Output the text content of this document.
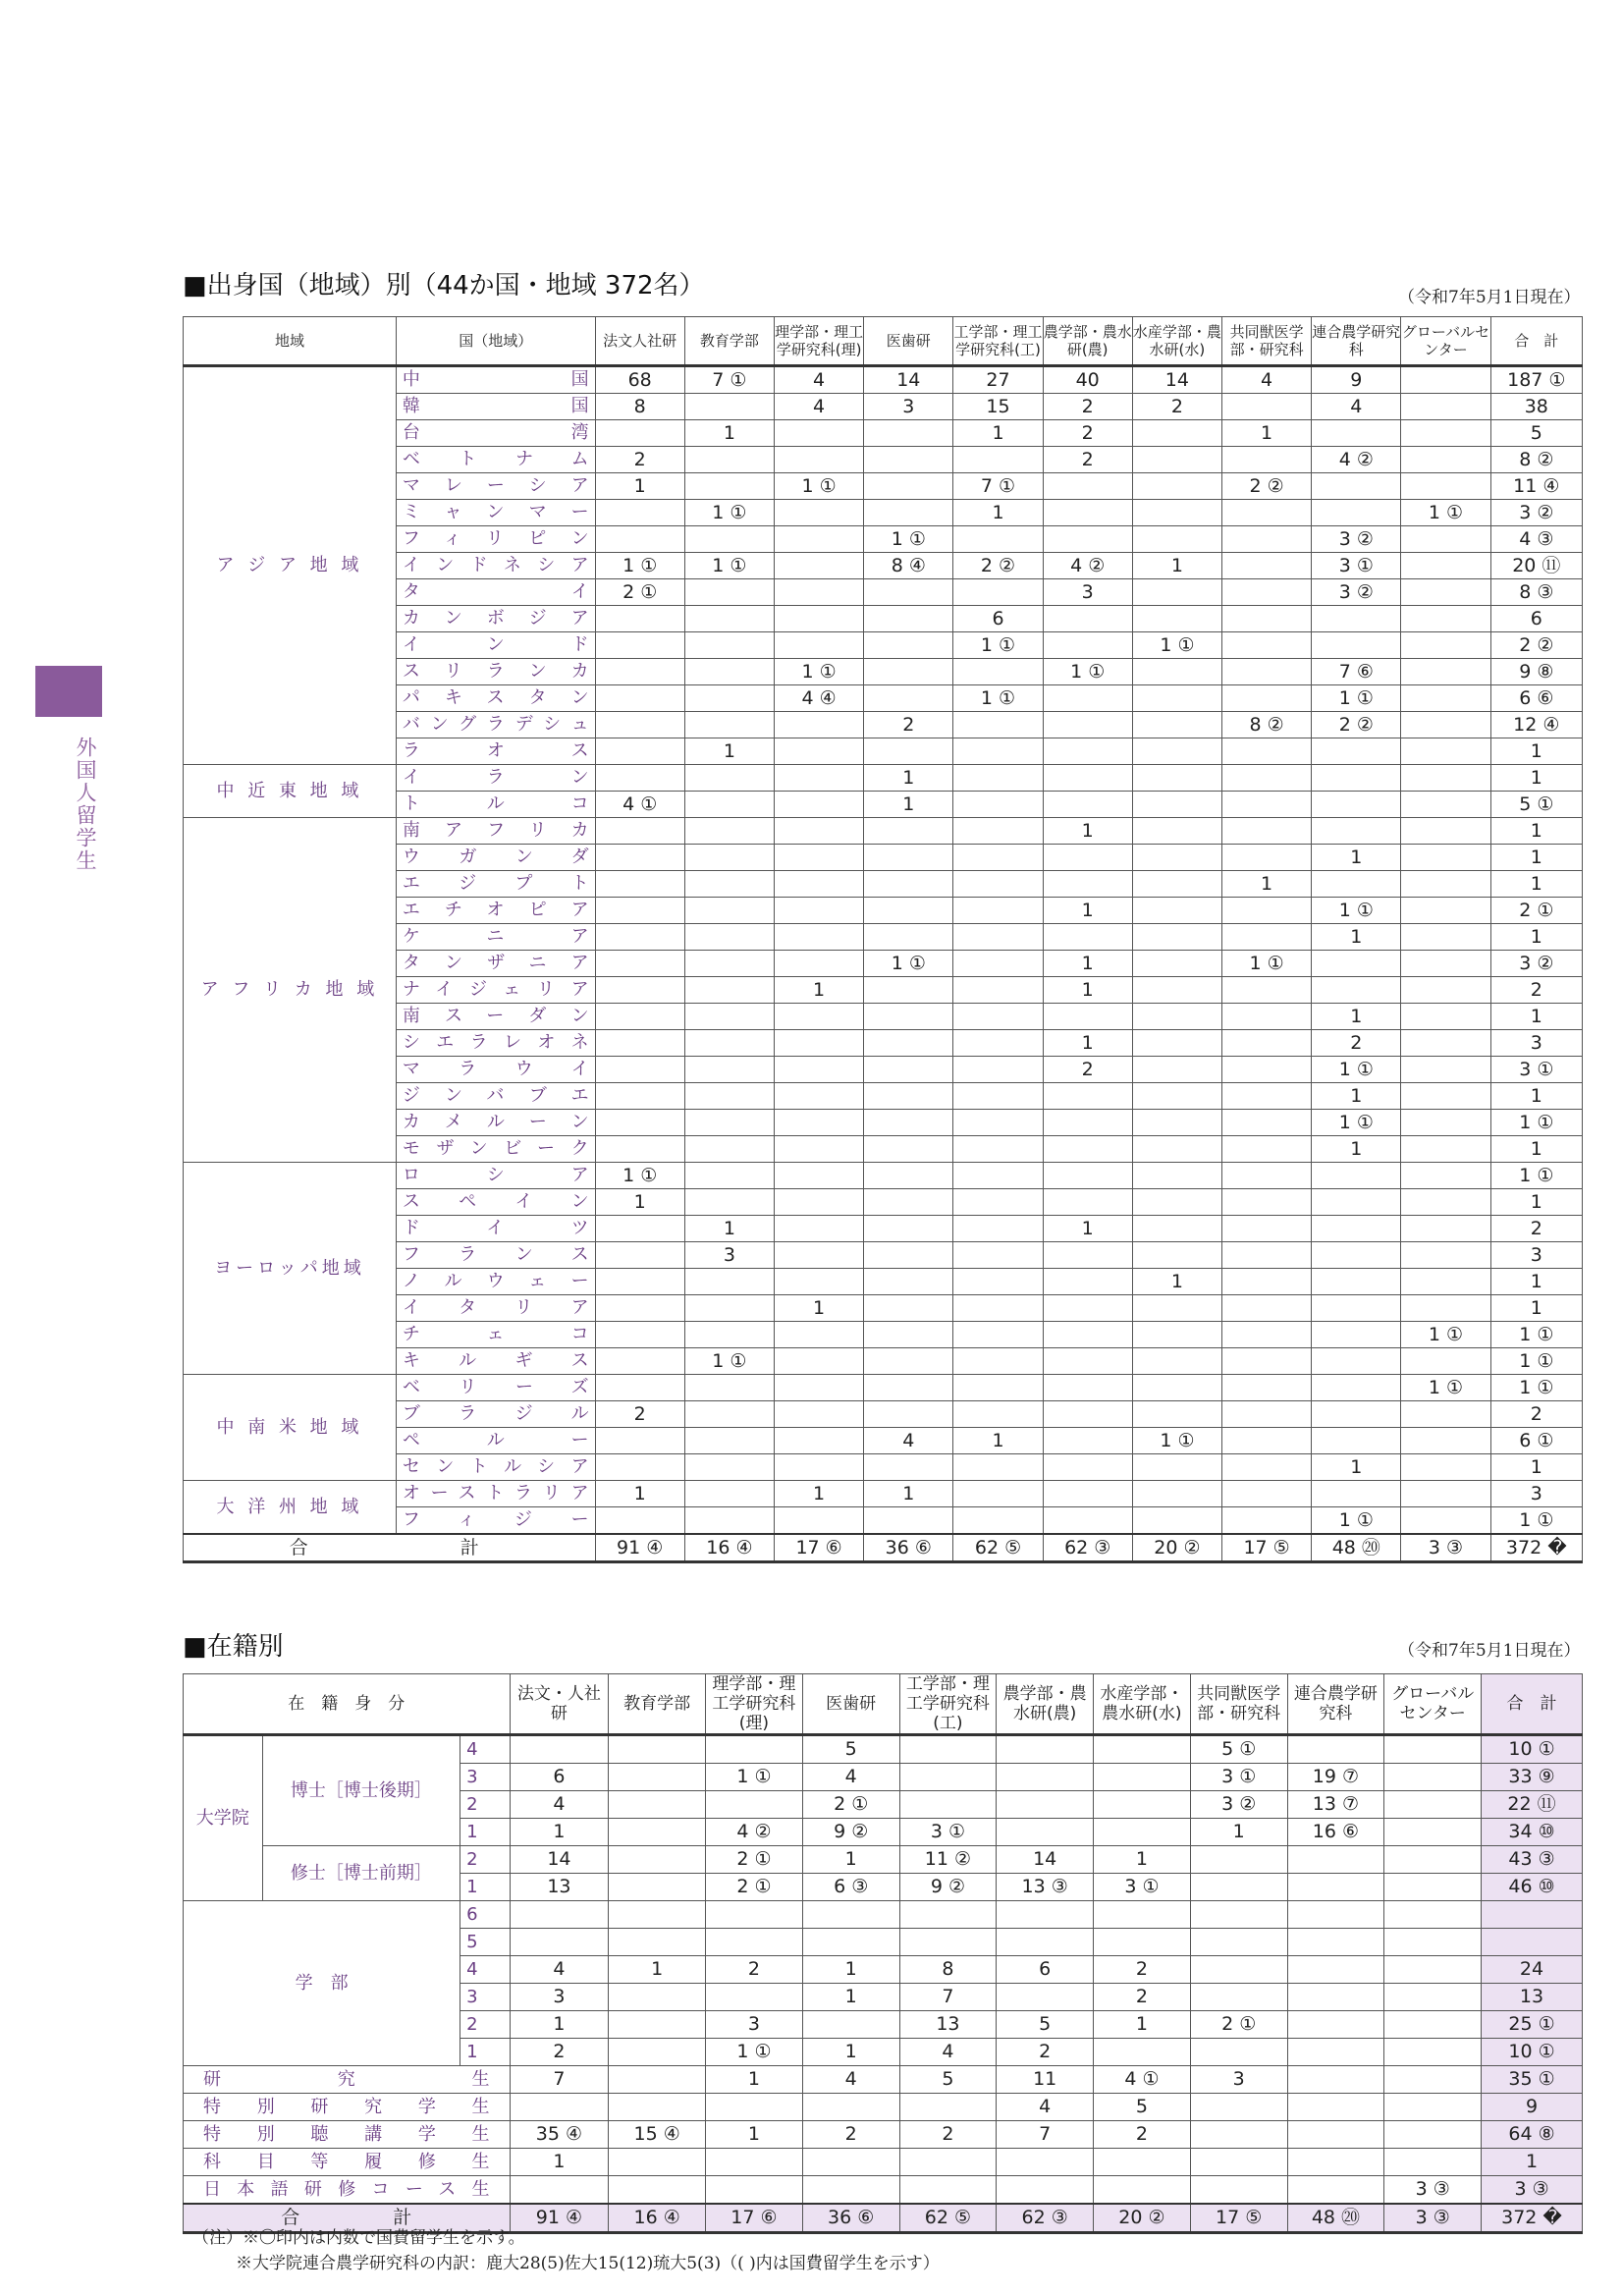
外国人留学生
■出身国（地域）別（44か国・地域 372名）	（令和7年5月1日現在）
地域	国（地域）	法文人社研	教育学部	理学部・理工学研究科(理)	医歯研	工学部・理工学研究科(工)	農学部・農水研(農)	水産学部・農水研(水)	共同獣医学部・研究科	連合農学研究科	グローバルセンター	合　計
ア ジ ア 地 域	中国	68	7 ①	4	14	27	40	14	4	9		187 ①
	韓国	8		4	3	15	2	2		4		38
	台湾		1			1	2		1			5
	ベトナム	2					2			4 ②		8 ②
	マレーシア	1		1 ①		7 ①			2 ②			11 ④
	ミャンマー		1 ①			1					1 ①	3 ②
	フィリピン				1 ①					3 ②		4 ③
	インドネシア	1 ①	1 ①		8 ④	2 ②	4 ②	1		3 ①		20 ⑪
	タイ	2 ①					3			3 ②		8 ③
	カンボジア					6						6
	インド					1 ①		1 ①				2 ②
	スリランカ			1 ①			1 ①			7 ⑥		9 ⑧
	パキスタン			4 ④		1 ①				1 ①		6 ⑥
	バングラデシュ				2				8 ②	2 ②		12 ④
	ラオス		1									1
中 近 東 地 域	イラン				1							1
	トルコ	4 ①			1							5 ①
ア フ リ カ 地 域	南アフリカ						1					1
	ウガンダ									1		1
	エジプト								1			1
	エチオピア						1			1 ①		2 ①
	ケニア									1		1
	タンザニア				1 ①		1		1 ①			3 ②
	ナイジェリア			1			1					2
	南スーダン									1		1
	シエラレオネ						1			2		3
	マラウイ						2			1 ①		3 ①
	ジンバブエ									1		1
	カメルーン									1 ①		1 ①
	モザンビーク									1		1
ヨーロッパ地域	ロシア	1 ①										1 ①
	スペイン	1										1
	ドイツ		1				1					2
	フランス		3									3
	ノルウェー							1				1
	イタリア			1								1
	チェコ										1 ①	1 ①
	キルギス		1 ①									1 ①
中 南 米 地 域	ベリーズ										1 ①	1 ①
	ブラジル	2										2
	ペルー				4	1		1 ①				6 ①
	セントルシア									1		1
大 洋 州 地 域	オーストラリア	1		1	1							3
	フィジー									1 ①		1 ①
合　　　　　計		91 ④	16 ④	17 ⑥	36 ⑥	62 ⑤	62 ③	20 ②	17 ⑤	48 ⑳	3 ③	372 �
■在籍別	（令和7年5月1日現在）
在　籍　身　分			法文・人社研	教育学部	理学部・理工学研究科(理)	医歯研	工学部・理工学研究科(工)	農学部・農水研(農)	水産学部・農水研(水)	共同獣医学部・研究科	連合農学研究科	グローバルセンター	合　計
大学院	博士［博士後期］	4				5				5 ①			10 ①
		3	6		1 ①	4				3 ①	19 ⑦		33 ⑨
		2	4			2 ①				3 ②	13 ⑦		22 ⑪
		1	1		4 ②	9 ②	3 ①			1	16 ⑥		34 ⑩
	修士［博士前期］	2	14		2 ①	1	11 ②	14	1				43 ③
		1	13		2 ①	6 ③	9 ②	13 ③	3 ①				46 ⑩
学　部		6											
		5											
		4	4	1	2	1	8	6	2				24
		3	3			1	7		2				13
		2	1		3		13	5	1	2 ①			25 ①
		1	2		1 ①	1	4	2					10 ①
研究生			7		1	4	5	11	4 ①	3			35 ①
特別研究学生								4	5				9
特別聴講学生			35 ④	15 ④	1	2	2	7	2				64 ⑧
科目等履修生			1										1
日本語研修コース生												3 ③	3 ③
合　　　　　計			91 ④	16 ④	17 ⑥	36 ⑥	62 ⑤	62 ③	20 ②	17 ⑤	48 ⑳	3 ③	372 �
（注）※〇印内は内数で国費留学生を示す。
※大学院連合農学研究科の内訳：鹿大28(5)佐大15(12)琉大5(3)（( )内は国費留学生を示す）
